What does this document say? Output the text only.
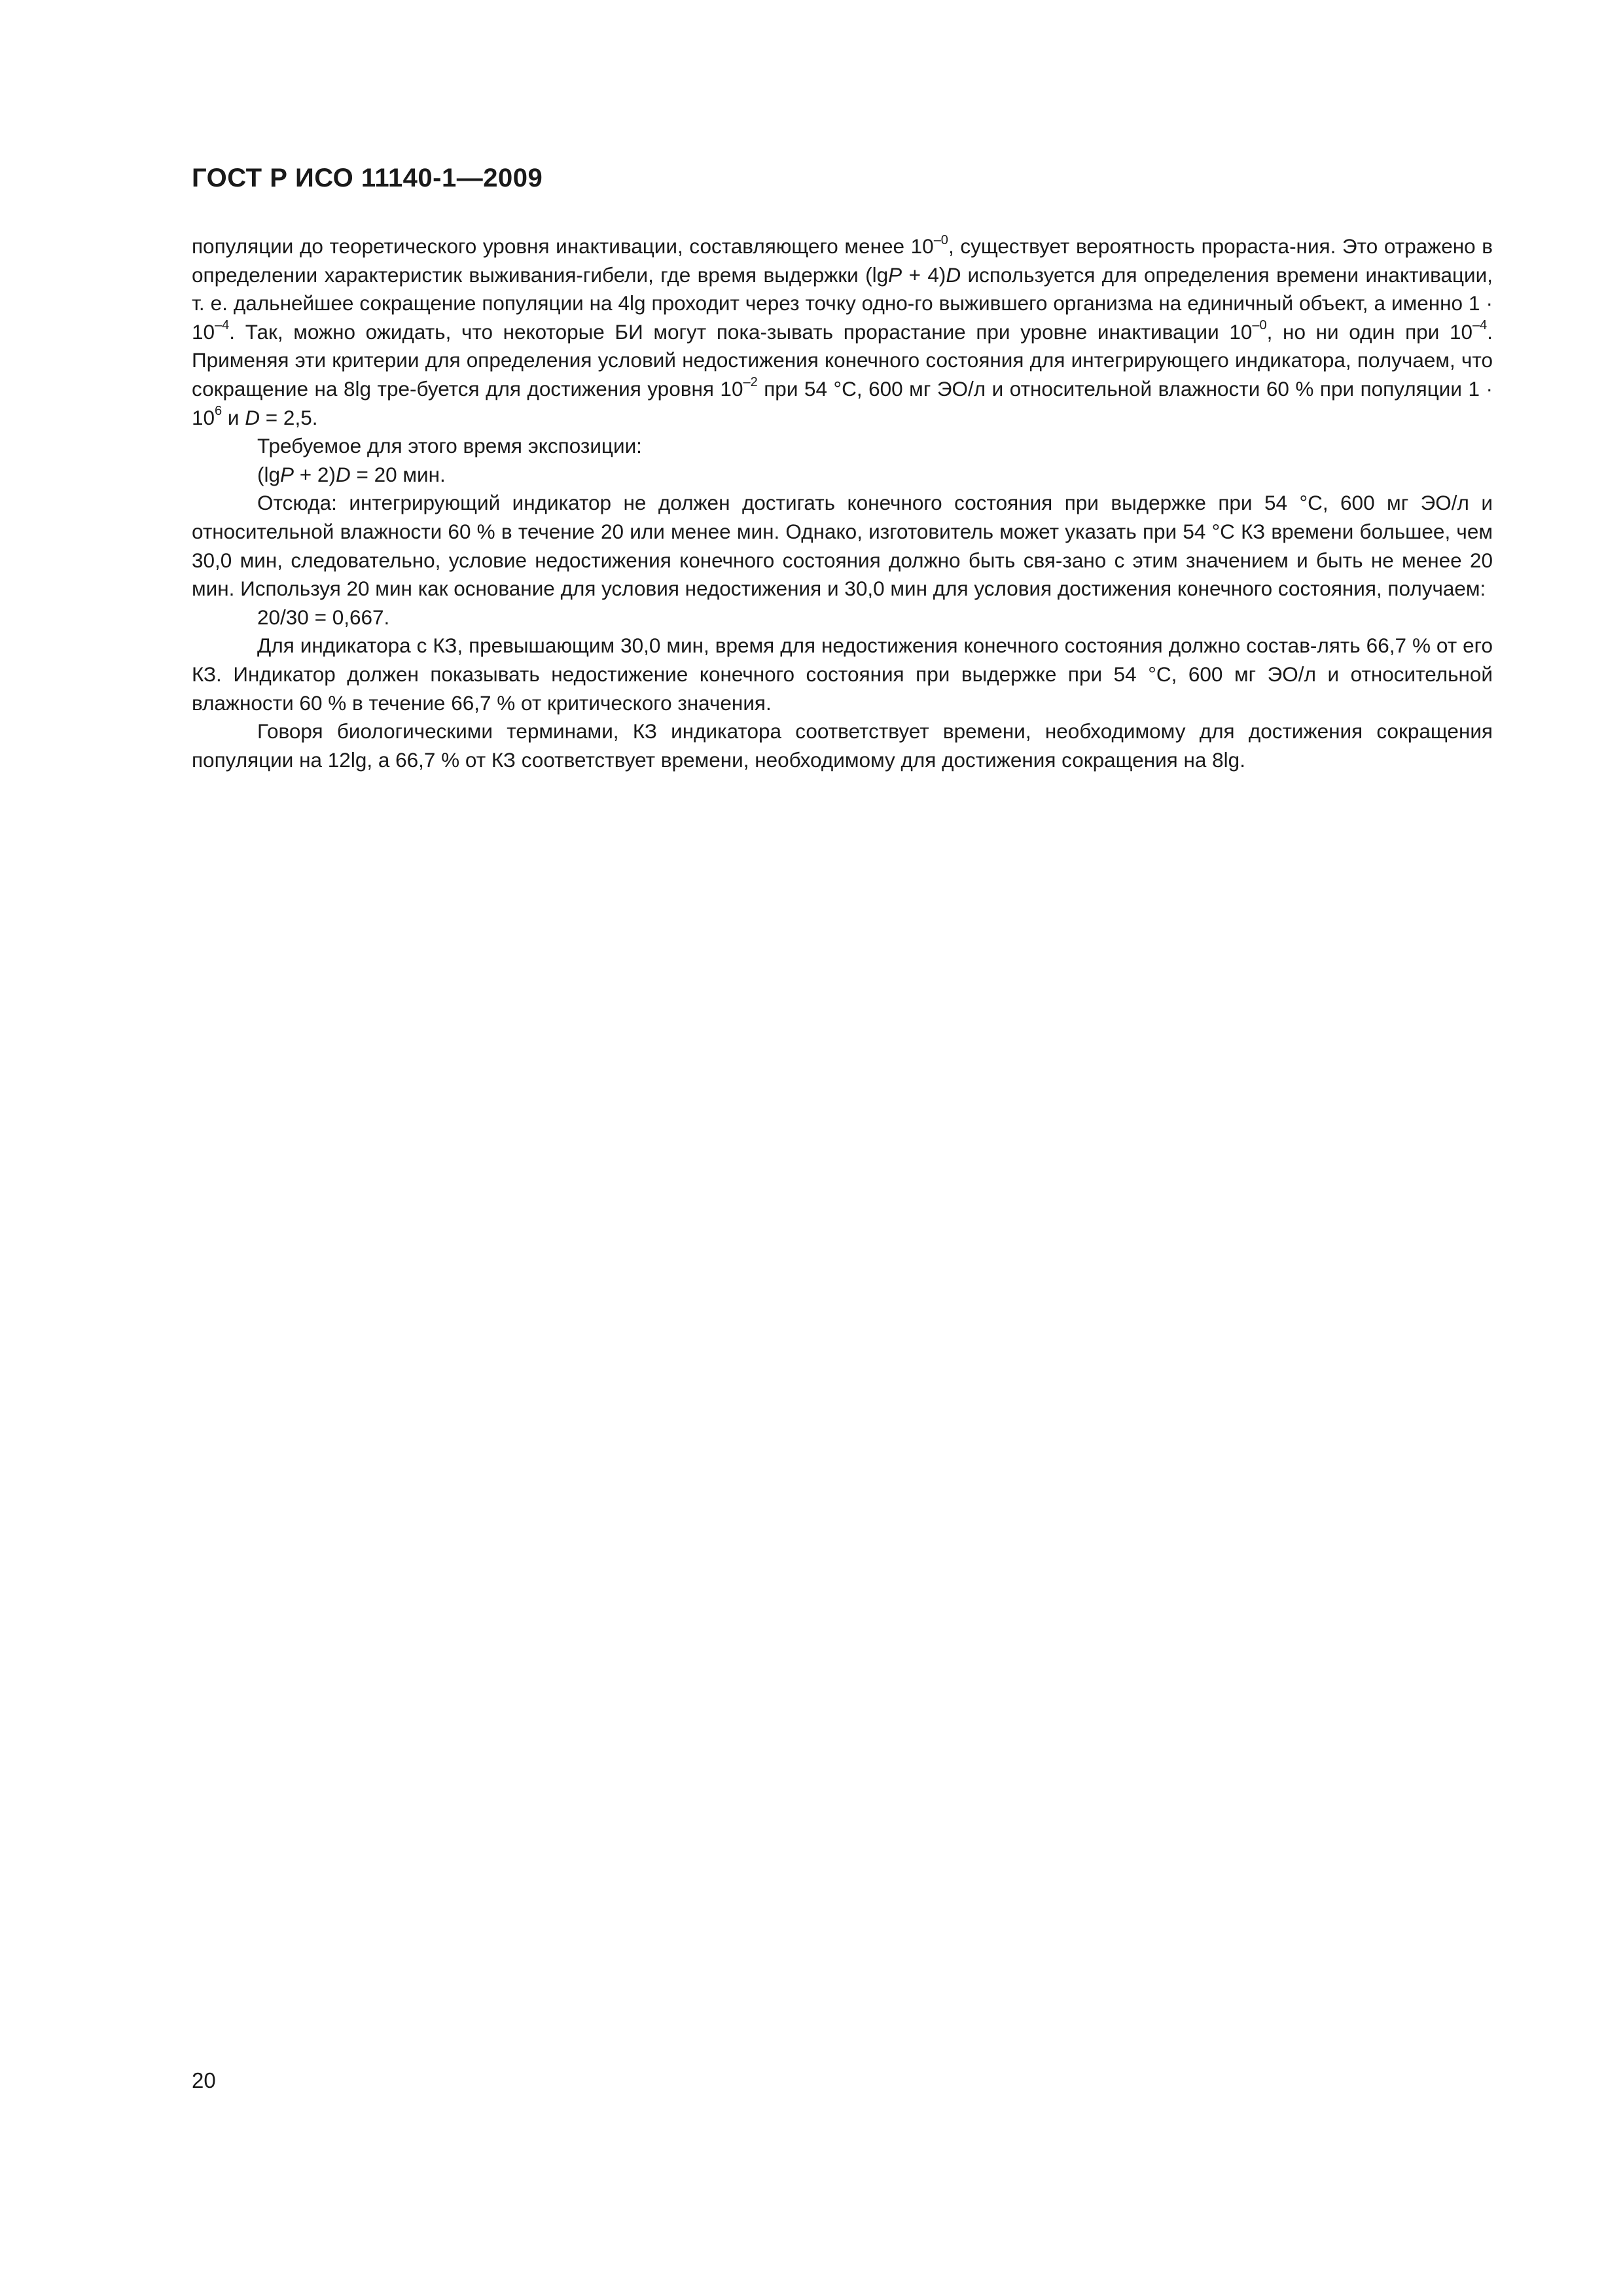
ГОСТ Р ИСО 11140-1—2009

популяции до теоретического уровня инактивации, составляющего менее $10^{-0}$, существует вероятность прораста-ния. Это отражено в определении характеристик выживания-гибели, где время выдержки (lgP + 4)D используется для определения времени инактивации, т. е. дальнейшее сокращение популяции на 4lg проходит через точку одно-го выжившего организма на единичный объект, а именно $1 \cdot 10^{-4}$. Так, можно ожидать, что некоторые БИ могут пока-зывать прорастание при уровне инактивации $10^{-0}$, но ни один при $10^{-4}$. Применяя эти критерии для определения условий недостижения конечного состояния для интегрирующего индикатора, получаем, что сокращение на 8lg тре-буется для достижения уровня $10^{-2}$ при 54 °C, 600 мг ЭО/л и относительной влажности 60 % при популяции $1 \cdot 10^6$ и D = 2,5.

Требуемое для этого время экспозиции:

(lgP + 2)D = 20 мин.

Отсюда: интегрирующий индикатор не должен достигать конечного состояния при выдержке при 54 °C, 600 мг ЭО/л и относительной влажности 60 % в течение 20 или менее мин. Однако, изготовитель может указать при 54 °C КЗ времени большее, чем 30,0 мин, следовательно, условие недостижения конечного состояния должно быть свя-зано с этим значением и быть не менее 20 мин. Используя 20 мин как основание для условия недостижения и 30,0 мин для условия достижения конечного состояния, получаем:

20/30 = 0,667.

Для индикатора с КЗ, превышающим 30,0 мин, время для недостижения конечного состояния должно состав-лять 66,7 % от его КЗ. Индикатор должен показывать недостижение конечного состояния при выдержке при 54 °C, 600 мг ЭО/л и относительной влажности 60 % в течение 66,7 % от критического значения.

Говоря биологическими терминами, КЗ индикатора соответствует времени, необходимому для достижения сокращения популяции на 12lg, а 66,7 % от КЗ соответствует времени, необходимому для достижения сокращения на 8lg.

20
